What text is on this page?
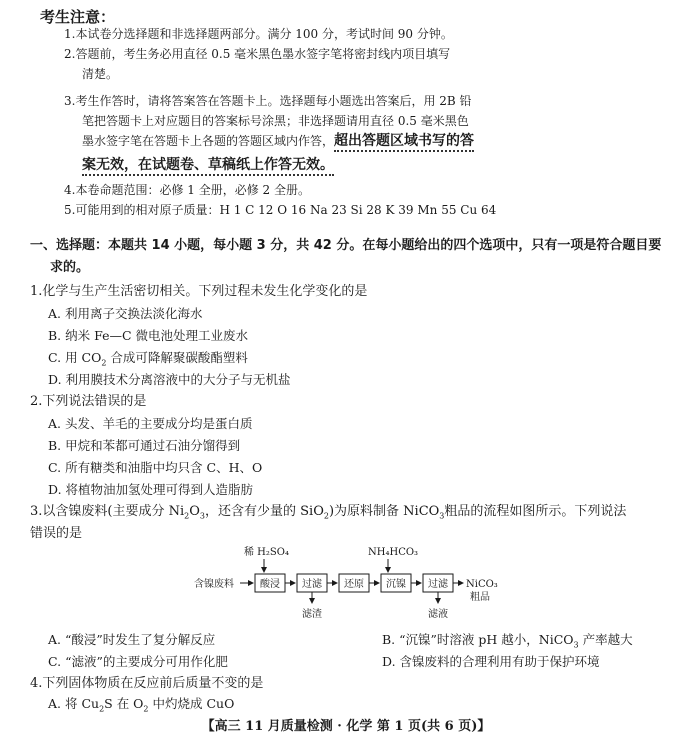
考生注意：
1.本试卷分选择题和非选择题两部分。满分 100 分，考试时间 90 分钟。
2.答题前，考生务必用直径 0.5 毫米黑色墨水签字笔将密封线内项目填写
清楚。
3.考生作答时，请将答案答在答题卡上。选择题每小题选出答案后，用 2B 铅
笔把答题卡上对应题目的答案标号涂黑；非选择题请用直径 0.5 毫米黑色
墨水签字笔在答题卡上各题的答题区域内作答，超出答题区域书写的答
案无效，在试题卷、草稿纸上作答无效。
4.本卷命题范围：必修 1 全册，必修 2 全册。
5.可能用到的相对原子质量：H 1 C 12 O 16 Na 23 Si 28 K 39 Mn 55 Cu 64
一、选择题：本题共 14 小题，每小题 3 分，共 42 分。在每小题给出的四个选项中，只有一项是符合题目要
求的。
1.化学与生产生活密切相关。下列过程未发生化学变化的是
A. 利用离子交换法淡化海水
B. 纳米 Fe—C 微电池处理工业废水
C. 用 $CO_2$ 合成可降解聚碳酸酯塑料
D. 利用膜技术分离溶液中的大分子与无机盐
2.下列说法错误的是
A. 头发、羊毛的主要成分均是蛋白质
B. 甲烷和苯都可通过石油分馏得到
C. 所有糖类和油脂中均只含 C、H、O
D. 将植物油加氢处理可得到人造脂肪
3.以含镍废料(主要成分 $Ni_2O_3$，还含有少量的 SiO$_2$)为原料制备 NiCO$_3$粗品的流程如图所示。下列说法
错误的是
稀 H₂SO₄	NH₄HCO₃
含镍废料	酸浸 过滤 还原 沉镍 过滤 NiCO₃
粗品
滤渣	滤液
A. “酸浸”时发生了复分解反应	B. “沉镍”时溶液 pH 越小，NiCO$_3$ 产率越大
C. “滤液”的主要成分可用作化肥	D. 含镍废料的合理利用有助于保护环境
4.下列固体物质在反应前后质量不变的是
A. 将 $Cu_2S$ 在 $O_2$ 中灼烧成 CuO
【高三 11 月质量检测 · 化学 第 1 页(共 6 页)】
